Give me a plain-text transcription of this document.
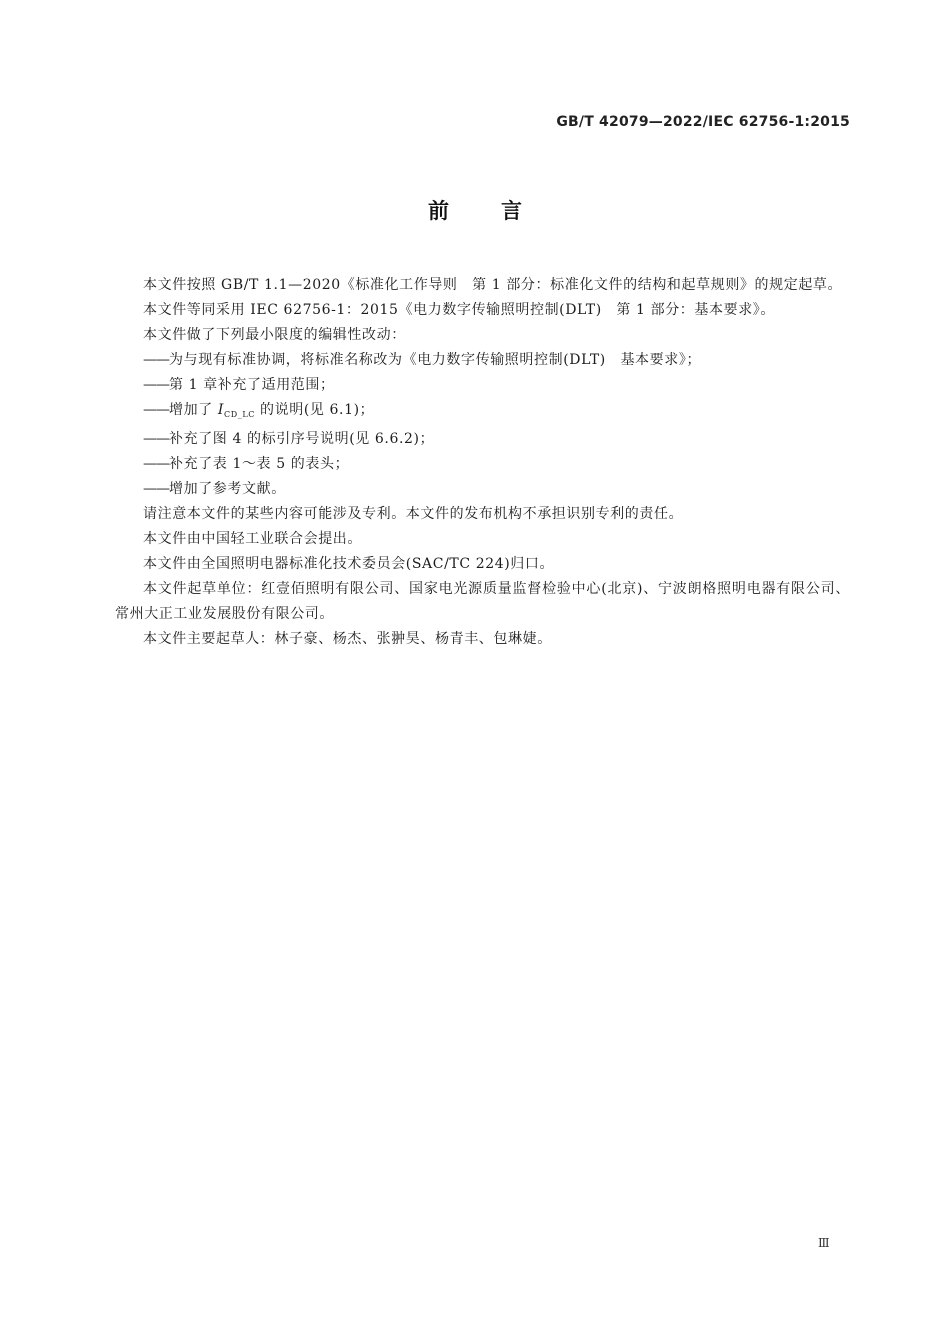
GB/T 42079—2022/IEC 62756-1:2015
前言

本文件按照 GB/T 1.1—2020《标准化工作导则　第 1 部分：标准化文件的结构和起草规则》的规定起草。

本文件等同采用 IEC 62756-1：2015《电力数字传输照明控制(DLT)　第 1 部分：基本要求》。

本文件做了下列最小限度的编辑性改动：

——为与现有标准协调，将标准名称改为《电力数字传输照明控制(DLT)　基本要求》；

——第 1 章补充了适用范围；

——增加了 $I_{CD\_LC}$ 的说明(见 6.1)；

——补充了图 4 的标引序号说明(见 6.6.2)；

——补充了表 1～表 5 的表头；

——增加了参考文献。

请注意本文件的某些内容可能涉及专利。本文件的发布机构不承担识别专利的责任。

本文件由中国轻工业联合会提出。

本文件由全国照明电器标准化技术委员会(SAC/TC 224)归口。

本文件起草单位：红壹佰照明有限公司、国家电光源质量监督检验中心(北京)、宁波朗格照明电器有限公司、常州大正工业发展股份有限公司。

本文件主要起草人：林子豪、杨杰、张翀昊、杨青丰、包琳婕。

Ⅲ
